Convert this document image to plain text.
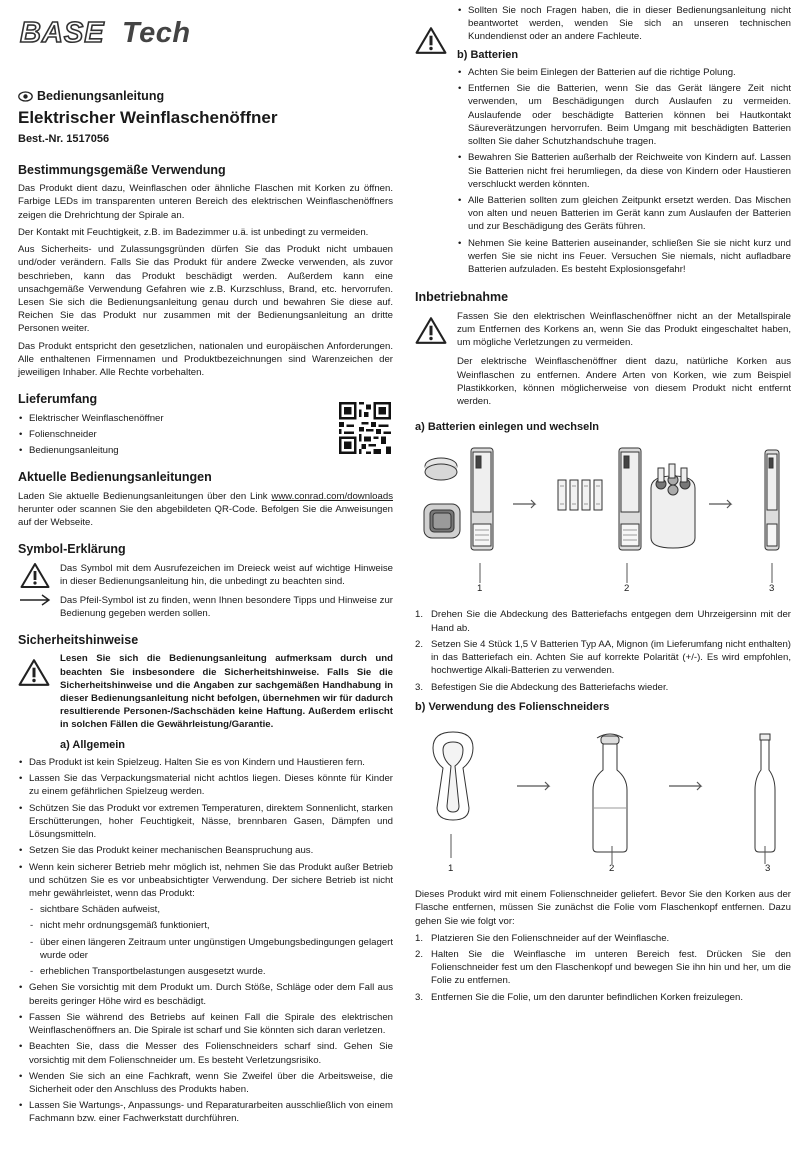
BASE Tech
Bedienungsanleitung
Elektrischer Weinflaschenöffner
Best.-Nr. 1517056
Bestimmungsgemäße Verwendung

Das Produkt dient dazu, Weinflaschen oder ähnliche Flaschen mit Korken zu öffnen. Farbige LEDs im transparenten unteren Bereich des elektrischen Weinflaschenöffners zeigen die Drehrichtung der Spirale an.

Der Kontakt mit Feuchtigkeit, z.B. im Badezimmer u.ä. ist unbedingt zu vermeiden.

Aus Sicherheits- und Zulassungsgründen dürfen Sie das Produkt nicht umbauen und/oder verändern. Falls Sie das Produkt für andere Zwecke verwenden, als zuvor beschrieben, kann das Produkt beschädigt werden. Außerdem kann eine unsachgemäße Verwendung Gefahren wie z.B. Kurzschluss, Brand, etc. hervorrufen. Lesen Sie sich die Bedienungsanleitung genau durch und bewahren Sie diese auf. Reichen Sie das Produkt nur zusammen mit der Bedienungsanleitung an dritte Personen weiter.

Das Produkt entspricht den gesetzlichen, nationalen und europäischen Anforderungen. Alle enthaltenen Firmennamen und Produktbezeichnungen sind Warenzeichen der jeweiligen Inhaber. Alle Rechte vorbehalten.

Lieferumfang
• Elektrischer Weinflaschenöffner
• Folienschneider
• Bedienungsanleitung
Aktuelle Bedienungsanleitungen

Laden Sie aktuelle Bedienungsanleitungen über den Link www.conrad.com/downloads herunter oder scannen Sie den abgebildeten QR-Code. Befolgen Sie die Anweisungen auf der Webseite.

Symbol-Erklärung

Das Symbol mit dem Ausrufezeichen im Dreieck weist auf wichtige Hinweise in dieser Bedienungsanleitung hin, die unbedingt zu beachten sind.

Das Pfeil-Symbol ist zu finden, wenn Ihnen besondere Tipps und Hinweise zur Bedienung gegeben werden sollen.

Sicherheitshinweise

Lesen Sie sich die Bedienungsanleitung aufmerksam durch und beachten Sie insbesondere die Sicherheitshinweise. Falls Sie die Sicherheitshinweise und die Angaben zur sachgemäßen Handhabung in dieser Bedienungsanleitung nicht befolgen, übernehmen wir für dadurch resultierende Personen-/Sachschäden keine Haftung. Außerdem erlischt in solchen Fällen die Gewährleistung/Garantie.

a) Allgemein
• Das Produkt ist kein Spielzeug. Halten Sie es von Kindern und Haustieren fern.
• Lassen Sie das Verpackungsmaterial nicht achtlos liegen. Dieses könnte für Kinder zu einem gefährlichen Spielzeug werden.
• Schützen Sie das Produkt vor extremen Temperaturen, direktem Sonnenlicht, starken Erschütterungen, hoher Feuchtigkeit, Nässe, brennbaren Gasen, Dämpfen und Lösungsmitteln.
• Setzen Sie das Produkt keiner mechanischen Beanspruchung aus.
• Wenn kein sicherer Betrieb mehr möglich ist, nehmen Sie das Produkt außer Betrieb und schützen Sie es vor unbeabsichtigter Verwendung. Der sichere Betrieb ist nicht mehr gewährleistet, wenn das Produkt:
- sichtbare Schäden aufweist,
- nicht mehr ordnungsgemäß funktioniert,
- über einen längeren Zeitraum unter ungünstigen Umgebungsbedingungen gelagert wurde oder
- erheblichen Transportbelastungen ausgesetzt wurde.
• Gehen Sie vorsichtig mit dem Produkt um. Durch Stöße, Schläge oder dem Fall aus bereits geringer Höhe wird es beschädigt.
• Fassen Sie während des Betriebs auf keinen Fall die Spirale des elektrischen Weinflaschenöffners an. Die Spirale ist scharf und Sie könnten sich daran verletzen.
• Beachten Sie, dass die Messer des Folienschneiders scharf sind. Gehen Sie vorsichtig mit dem Folienschneider um. Es besteht Verletzungsrisiko.
• Wenden Sie sich an eine Fachkraft, wenn Sie Zweifel über die Arbeitsweise, die Sicherheit oder den Anschluss des Produkts haben.
• Lassen Sie Wartungs-, Anpassungs- und Reparaturarbeiten ausschließlich von einem Fachmann bzw. einer Fachwerkstatt durchführen.
• Sollten Sie noch Fragen haben, die in dieser Bedienungsanleitung nicht beantwortet werden, wenden Sie sich an unseren technischen Kundendienst oder an andere Fachleute.
b) Batterien
• Achten Sie beim Einlegen der Batterien auf die richtige Polung.
• Entfernen Sie die Batterien, wenn Sie das Gerät längere Zeit nicht verwenden, um Beschädigungen durch Auslaufen zu vermeiden. Auslaufende oder beschädigte Batterien können bei Hautkontakt Säureverätzungen hervorrufen. Beim Umgang mit beschädigten Batterien sollten Sie daher Schutzhandschuhe tragen.
• Bewahren Sie Batterien außerhalb der Reichweite von Kindern auf. Lassen Sie Batterien nicht frei herumliegen, da diese von Kindern oder Haustieren verschluckt werden könnten.
• Alle Batterien sollten zum gleichen Zeitpunkt ersetzt werden. Das Mischen von alten und neuen Batterien im Gerät kann zum Auslaufen der Batterien und zur Beschädigung des Geräts führen.
• Nehmen Sie keine Batterien auseinander, schließen Sie sie nicht kurz und werfen Sie sie nicht ins Feuer. Versuchen Sie niemals, nicht aufladbare Batterien aufzuladen. Es besteht Explosionsgefahr!
Inbetriebnahme

Fassen Sie den elektrischen Weinflaschenöffner nicht an der Metallspirale zum Entfernen des Korkens an, wenn Sie das Produkt eingeschaltet haben, um mögliche Verletzungen zu vermeiden.

Der elektrische Weinflaschenöffner dient dazu, natürliche Korken aus Weinflaschen zu entfernen. Andere Arten von Korken, wie zum Beispiel Plastikkorken, können möglicherweise von diesem Produkt nicht entfernt werden.

a) Batterien einlegen und wechseln
1	2	3
1. Drehen Sie die Abdeckung des Batteriefachs entgegen dem Uhrzeigersinn mit der Hand ab.
2. Setzen Sie 4 Stück 1,5 V Batterien Typ AA, Mignon (im Lieferumfang nicht enthalten) in das Batteriefach ein. Achten Sie auf korrekte Polarität (+/-). Es wird empfohlen, hochwertige Alkali-Batterien zu verwenden.
3. Befestigen Sie die Abdeckung des Batteriefachs wieder.
b) Verwendung des Folienschneiders
1	2	3

Dieses Produkt wird mit einem Folienschneider geliefert. Bevor Sie den Korken aus der Flasche entfernen, müssen Sie zunächst die Folie vom Flaschenkopf entfernen. Dazu gehen Sie wie folgt vor:

1. Platzieren Sie den Folienschneider auf der Weinflasche.
2. Halten Sie die Weinflasche im unteren Bereich fest. Drücken Sie den Folienschneider fest um den Flaschenkopf und bewegen Sie ihn hin und her, um die Folie zu entfernen.
3. Entfernen Sie die Folie, um den darunter befindlichen Korken freizulegen.
